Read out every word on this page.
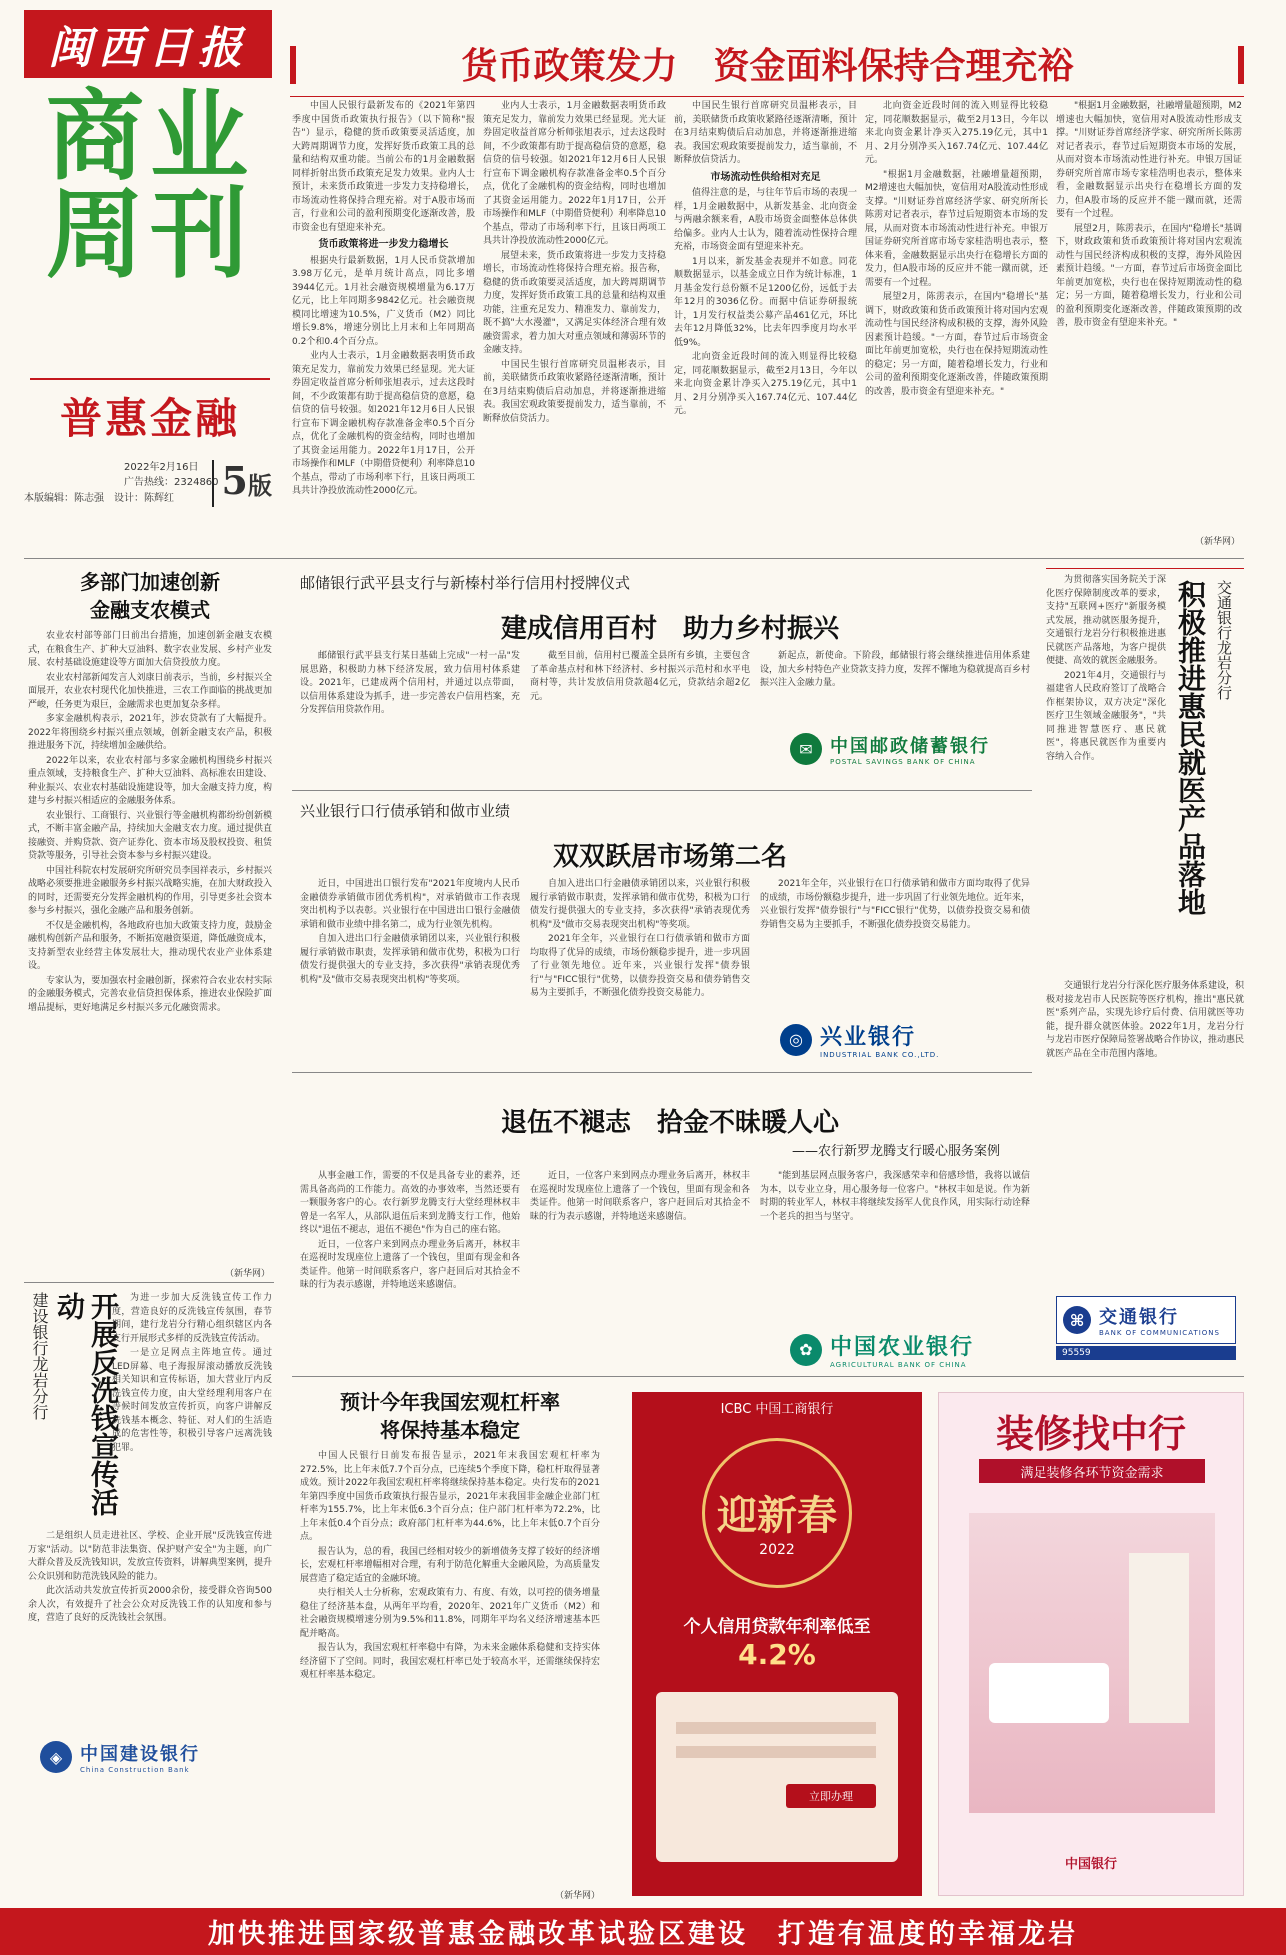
闽西日报
商业周刊
普惠金融
2022年2月16日
广告热线：2324860
本版编辑：陈志强　设计：陈辉红 5版
货币政策发力　资金面料保持合理充裕

中国人民银行最新发布的《2021年第四季度中国货币政策执行报告》（以下简称"报告"）显示，稳健的货币政策要灵活适度，加大跨周期调节力度，发挥好货币政策工具的总量和结构双重功能。当前公布的1月金融数据同样折射出货币政策充足发力效果。业内人士预计，未来货币政策进一步发力支持稳增长，市场流动性将保持合理充裕。对于A股市场而言，行业和公司的盈利预期变化逐渐改善，股市资金也有望迎来补充。

货币政策将进一步发力稳增长

根据央行最新数据，1月人民币贷款增加3.98万亿元，是单月统计高点，同比多增3944亿元。1月社会融资规模增量为6.17万亿元，比上年同期多9842亿元。社会融资规模同比增速为10.5%，广义货币（M2）同比增长9.8%，增速分别比上月末和上年同期高0.2个和0.4个百分点。

业内人士表示，1月金融数据表明货币政策充足发力，靠前发力效果已经显现。光大证券固定收益首席分析师张旭表示，过去这段时间，不少政策都有助于提高稳信贷的意愿，稳信贷的信号较强。如2021年12月6日人民银行宣布下调金融机构存款准备金率0.5个百分点，优化了金融机构的资金结构，同时也增加了其资金运用能力。2022年1月17日，公开市场操作和MLF（中期借贷便利）利率降息10个基点，带动了市场利率下行，且该日两项工具共计净投放流动性2000亿元。

业内人士表示，1月金融数据表明货币政策充足发力，靠前发力效果已经显现。光大证券固定收益首席分析师张旭表示，过去这段时间，不少政策都有助于提高稳信贷的意愿，稳信贷的信号较强。如2021年12月6日人民银行宣布下调金融机构存款准备金率0.5个百分点，优化了金融机构的资金结构，同时也增加了其资金运用能力。2022年1月17日，公开市场操作和MLF（中期借贷便利）利率降息10个基点，带动了市场利率下行，且该日两项工具共计净投放流动性2000亿元。

展望未来，货币政策将进一步发力支持稳增长，市场流动性将保持合理充裕。报告称，稳健的货币政策要灵活适度，加大跨周期调节力度，发挥好货币政策工具的总量和结构双重功能，注重充足发力、精准发力、靠前发力，既不搞"大水漫灌"，又满足实体经济合理有效融资需求，着力加大对重点领域和薄弱环节的金融支持。

中国民生银行首席研究员温彬表示，目前，美联储货币政策收紧路径逐渐清晰，预计在3月结束购债后启动加息，并将逐渐推进缩表。我国宏观政策要提前发力，适当靠前，不断释放信贷活力。

中国民生银行首席研究员温彬表示，目前，美联储货币政策收紧路径逐渐清晰，预计在3月结束购债后启动加息，并将逐渐推进缩表。我国宏观政策要提前发力，适当靠前，不断释放信贷活力。

市场流动性供给相对充足

值得注意的是，与往年节后市场的表现一样，1月金融数据中，从新发基金、北向资金与两融余额来看，A股市场资金面整体总体供给偏多。业内人士认为，随着流动性保持合理充裕，市场资金面有望迎来补充。

1月以来，新发基金表现并不如意。同花顺数据显示，以基金成立日作为统计标准，1月基金发行总份额不足1200亿份，远低于去年12月的3036亿份。而据中信证券研报统计，1月发行权益类公募产品461亿元，环比去年12月降低32%，比去年四季度月均水平低9%。

北向资金近段时间的流入则显得比较稳定，同花顺数据显示，截至2月13日，今年以来北向资金累计净买入275.19亿元，其中1月、2月分别净买入167.74亿元、107.44亿元。

北向资金近段时间的流入则显得比较稳定，同花顺数据显示，截至2月13日，今年以来北向资金累计净买入275.19亿元，其中1月、2月分别净买入167.74亿元、107.44亿元。

"根据1月金融数据，社融增量超预期，M2增速也大幅加快，宽信用对A股流动性形成支撑。"川财证券首席经济学家、研究所所长陈雳对记者表示，春节过后短期资本市场的发展，从而对资本市场流动性进行补充。申银万国证券研究所首席市场专家桂浩明也表示，整体来看，金融数据显示出央行在稳增长方面的发力，但A股市场的反应并不能一蹴而就，还需要有一个过程。

展望2月，陈雳表示，在国内"稳增长"基调下，财政政策和货币政策预计将对国内宏观流动性与国民经济构成积极的支撑，海外风险因素预计趋缓。"一方面，春节过后市场资金面比年前更加宽松，央行也在保持短期流动性的稳定；另一方面，随着稳增长发力，行业和公司的盈利预期变化逐渐改善，伴随政策预期的改善，股市资金有望迎来补充。"

"根据1月金融数据，社融增量超预期，M2增速也大幅加快，宽信用对A股流动性形成支撑。"川财证券首席经济学家、研究所所长陈雳对记者表示，春节过后短期资本市场的发展，从而对资本市场流动性进行补充。申银万国证券研究所首席市场专家桂浩明也表示，整体来看，金融数据显示出央行在稳增长方面的发力，但A股市场的反应并不能一蹴而就，还需要有一个过程。

展望2月，陈雳表示，在国内"稳增长"基调下，财政政策和货币政策预计将对国内宏观流动性与国民经济构成积极的支撑，海外风险因素预计趋缓。"一方面，春节过后市场资金面比年前更加宽松，央行也在保持短期流动性的稳定；另一方面，随着稳增长发力，行业和公司的盈利预期变化逐渐改善，伴随政策预期的改善，股市资金有望迎来补充。"

（新华网）
多部门加速创新
金融支农模式

农业农村部等部门日前出台措施，加速创新金融支农模式，在粮食生产、扩种大豆油料、数字农业发展、乡村产业发展、农村基础设施建设等方面加大信贷投放力度。

农业农村部新闻发言人刘康日前表示，当前，乡村振兴全面展开，农业农村现代化加快推进，三农工作面临的挑战更加严峻，任务更为艰巨，金融需求也更加复杂多样。

多家金融机构表示，2021年，涉农贷款有了大幅提升。2022年将围绕乡村振兴重点领域，创新金融支农产品，积极推进服务下沉，持续增加金融供给。

2022年以来，农业农村部与多家金融机构围绕乡村振兴重点领域，支持粮食生产、扩种大豆油料、高标准农田建设、种业振兴、农业农村基础设施建设等，加大金融支持力度，构建与乡村振兴相适应的金融服务体系。

农业银行、工商银行、兴业银行等金融机构都纷纷创新模式，不断丰富金融产品，持续加大金融支农力度。通过提供直接融资、并购贷款、资产证券化、资本市场及股权投资、租赁贷款等服务，引导社会资本参与乡村振兴建设。

中国社科院农村发展研究所研究员李国祥表示，乡村振兴战略必须要推进金融服务乡村振兴战略实施，在加大财政投入的同时，还需要充分发挥金融机构的作用，引导更多社会资本参与乡村振兴，强化金融产品和服务创新。

不仅是金融机构，各地政府也加大政策支持力度，鼓励金融机构创新产品和服务，不断拓宽融资渠道，降低融资成本，支持新型农业经营主体发展壮大，推动现代农业产业体系建设。

专家认为，要加强农村金融创新，探索符合农业农村实际的金融服务模式，完善农业信贷担保体系，推进农业保险扩面增品提标，更好地满足乡村振兴多元化融资需求。

（新华网）
建设银行龙岩分行	开展反洗钱宣传活动	为进一步加大反洗钱宣传工作力度，营造良好的反洗钱宣传氛围，春节期间，建行龙岩分行精心组织辖区内各支行开展形式多样的反洗钱宣传活动。

一是立足网点主阵地宣传。通过LED屏幕、电子海报屏滚动播放反洗钱相关知识和宣传标语，加大营业厅内反洗钱宣传力度，由大堂经理利用客户在等候时间发放宣传折页，向客户讲解反洗钱基本概念、特征、对人们的生活造成的危害性等，积极引导客户远离洗钱犯罪。

二是组织人员走进社区、学校、企业开展"反洗钱宣传进万家"活动。以"防范非法集资、保护财产安全"为主题，向广大群众普及反洗钱知识，发放宣传资料，讲解典型案例，提升公众识别和防范洗钱风险的能力。

此次活动共发放宣传折页2000余份，接受群众咨询500余人次，有效提升了社会公众对反洗钱工作的认知度和参与度，营造了良好的反洗钱社会氛围。

◈ 中国建设银行
China Construction Bank
邮储银行武平县支行与新榛村举行信用村授牌仪式
建成信用百村　助力乡村振兴

邮储银行武平县支行某日基础上完成"一村一品"发展思路，积极助力林下经济发展，致力信用村体系建设。2021年，已建成两个信用村，并通过以点带面，以信用体系建设为抓手，进一步完善农户信用档案，充分发挥信用贷款作用。

截至目前，信用村已覆盖全县所有乡镇，主要包含了革命基点村和林下经济村、乡村振兴示范村和水平电商村等，共计发放信用贷款超4亿元，贷款结余超2亿元。

新起点，新使命。下阶段，邮储银行将会继续推进信用体系建设，加大乡村特色产业贷款支持力度，发挥不懈地为稳就提高百乡村振兴注入金融力量。

✉ 中国邮政储蓄银行
POSTAL SAVINGS BANK OF CHINA
兴业银行口行债承销和做市业绩
双双跃居市场第二名

近日，中国进出口银行发布"2021年度境内人民币金融债券承销做市团优秀机构"，对承销做市工作表现突出机构予以表彰。兴业银行在中国进出口银行金融债承销和做市业绩中排名第二，成为行业领先机构。

自加入进出口行金融债承销团以来，兴业银行积极履行承销做市职责，发挥承销和做市优势，积极为口行债发行提供强大的专业支持，多次获得"承销表现优秀机构"及"做市交易表现突出机构"等奖项。

自加入进出口行金融债承销团以来，兴业银行积极履行承销做市职责，发挥承销和做市优势，积极为口行债发行提供强大的专业支持，多次获得"承销表现优秀机构"及"做市交易表现突出机构"等奖项。

2021年全年，兴业银行在口行债承销和做市方面均取得了优异的成绩，市场份额稳步提升，进一步巩固了行业领先地位。近年来，兴业银行发挥"债券银行"与"FICC银行"优势，以债券投资交易和债券销售交易为主要抓手，不断强化债券投资交易能力。

2021年全年，兴业银行在口行债承销和做市方面均取得了优异的成绩，市场份额稳步提升，进一步巩固了行业领先地位。近年来，兴业银行发挥"债券银行"与"FICC银行"优势，以债券投资交易和债券销售交易为主要抓手，不断强化债券投资交易能力。

◎ 兴业银行
INDUSTRIAL BANK CO.,LTD.
退伍不褪志　拾金不昧暖人心
——农行新罗龙腾支行暖心服务案例

从事金融工作，需要的不仅是具备专业的素养，还需具备高尚的工作能力。高效的办事效率，当然还要有一颗服务客户的心。农行新罗龙腾支行大堂经理林权丰曾是一名军人，从部队退伍后来到龙腾支行工作，他始终以"退伍不褪志，退伍不褪色"作为自己的座右铭。

近日，一位客户来到网点办理业务后离开，林权丰在巡视时发现座位上遗落了一个钱包，里面有现金和各类证件。他第一时间联系客户，客户赶回后对其拾金不昧的行为表示感谢，并特地送来感谢信。

近日，一位客户来到网点办理业务后离开，林权丰在巡视时发现座位上遗落了一个钱包，里面有现金和各类证件。他第一时间联系客户，客户赶回后对其拾金不昧的行为表示感谢，并特地送来感谢信。

"能到基层网点服务客户，我深感荣幸和倍感珍惜，我将以诚信为本，以专业立身，用心服务每一位客户。"林权丰如是说。作为新时期的转业军人，林权丰将继续发扬军人优良作风，用实际行动诠释一个老兵的担当与坚守。

✿ 中国农业银行
AGRICULTURAL BANK OF CHINA

为贯彻落实国务院关于深化医疗保障制度改革的要求，支持"互联网+医疗"新服务模式发展，推动就医服务提升，交通银行龙岩分行积极推进惠民就医产品落地，为客户提供便捷、高效的就医金融服务。

2021年4月，交通银行与福建省人民政府签订了战略合作框架协议，双方决定"深化医疗卫生领域金融服务"，"共同推进智慧医疗、惠民就医"，将惠民就医作为重要内容纳入合作。

交通银行龙岩分行
积极推进惠民就医产品落地

交通银行龙岩分行深化医疗服务体系建设，积极对接龙岩市人民医院等医疗机构，推出"惠民就医"系列产品，实现先诊疗后付费、信用就医等功能，提升群众就医体验。2022年1月，龙岩分行与龙岩市医疗保障局签署战略合作协议，推动惠民就医产品在全市范围内落地。

⌘ 交通银行
BANK OF COMMUNICATIONS
95559
预计今年我国宏观杠杆率
将保持基本稳定

中国人民银行日前发布报告显示，2021年末我国宏观杠杆率为272.5%，比上年末低7.7个百分点，已连续5个季度下降，稳杠杆取得显著成效。预计2022年我国宏观杠杆率将继续保持基本稳定。央行发布的2021年第四季度中国货币政策执行报告显示，2021年末我国非金融企业部门杠杆率为155.7%，比上年末低6.3个百分点；住户部门杠杆率为72.2%，比上年末低0.4个百分点；政府部门杠杆率为44.6%，比上年末低0.7个百分点。

报告认为，总的看，我国已经相对较少的新增债务支撑了较好的经济增长，宏观杠杆率增幅相对合理，有利于防范化解重大金融风险，为高质量发展营造了稳定适宜的金融环境。

央行相关人士分析称，宏观政策有力、有度、有效，以可控的债务增量稳住了经济基本盘，从两年平均看，2020年、2021年广义货币（M2）和社会融资规模增速分别为9.5%和11.8%，同期年平均名义经济增速基本匹配并略高。

报告认为，我国宏观杠杆率稳中有降，为未来金融体系稳健和支持实体经济留下了空间。同时，我国宏观杠杆率已处于较高水平，还需继续保持宏观杠杆率基本稳定。

（新华网）
ICBC 中国工商银行
迎新春
2022
个人信用贷款年利率低至
4.2%
立即办理
装修找中行
满足装修各环节资金需求
中国银行
加快推进国家级普惠金融改革试验区建设　打造有温度的幸福龙岩
